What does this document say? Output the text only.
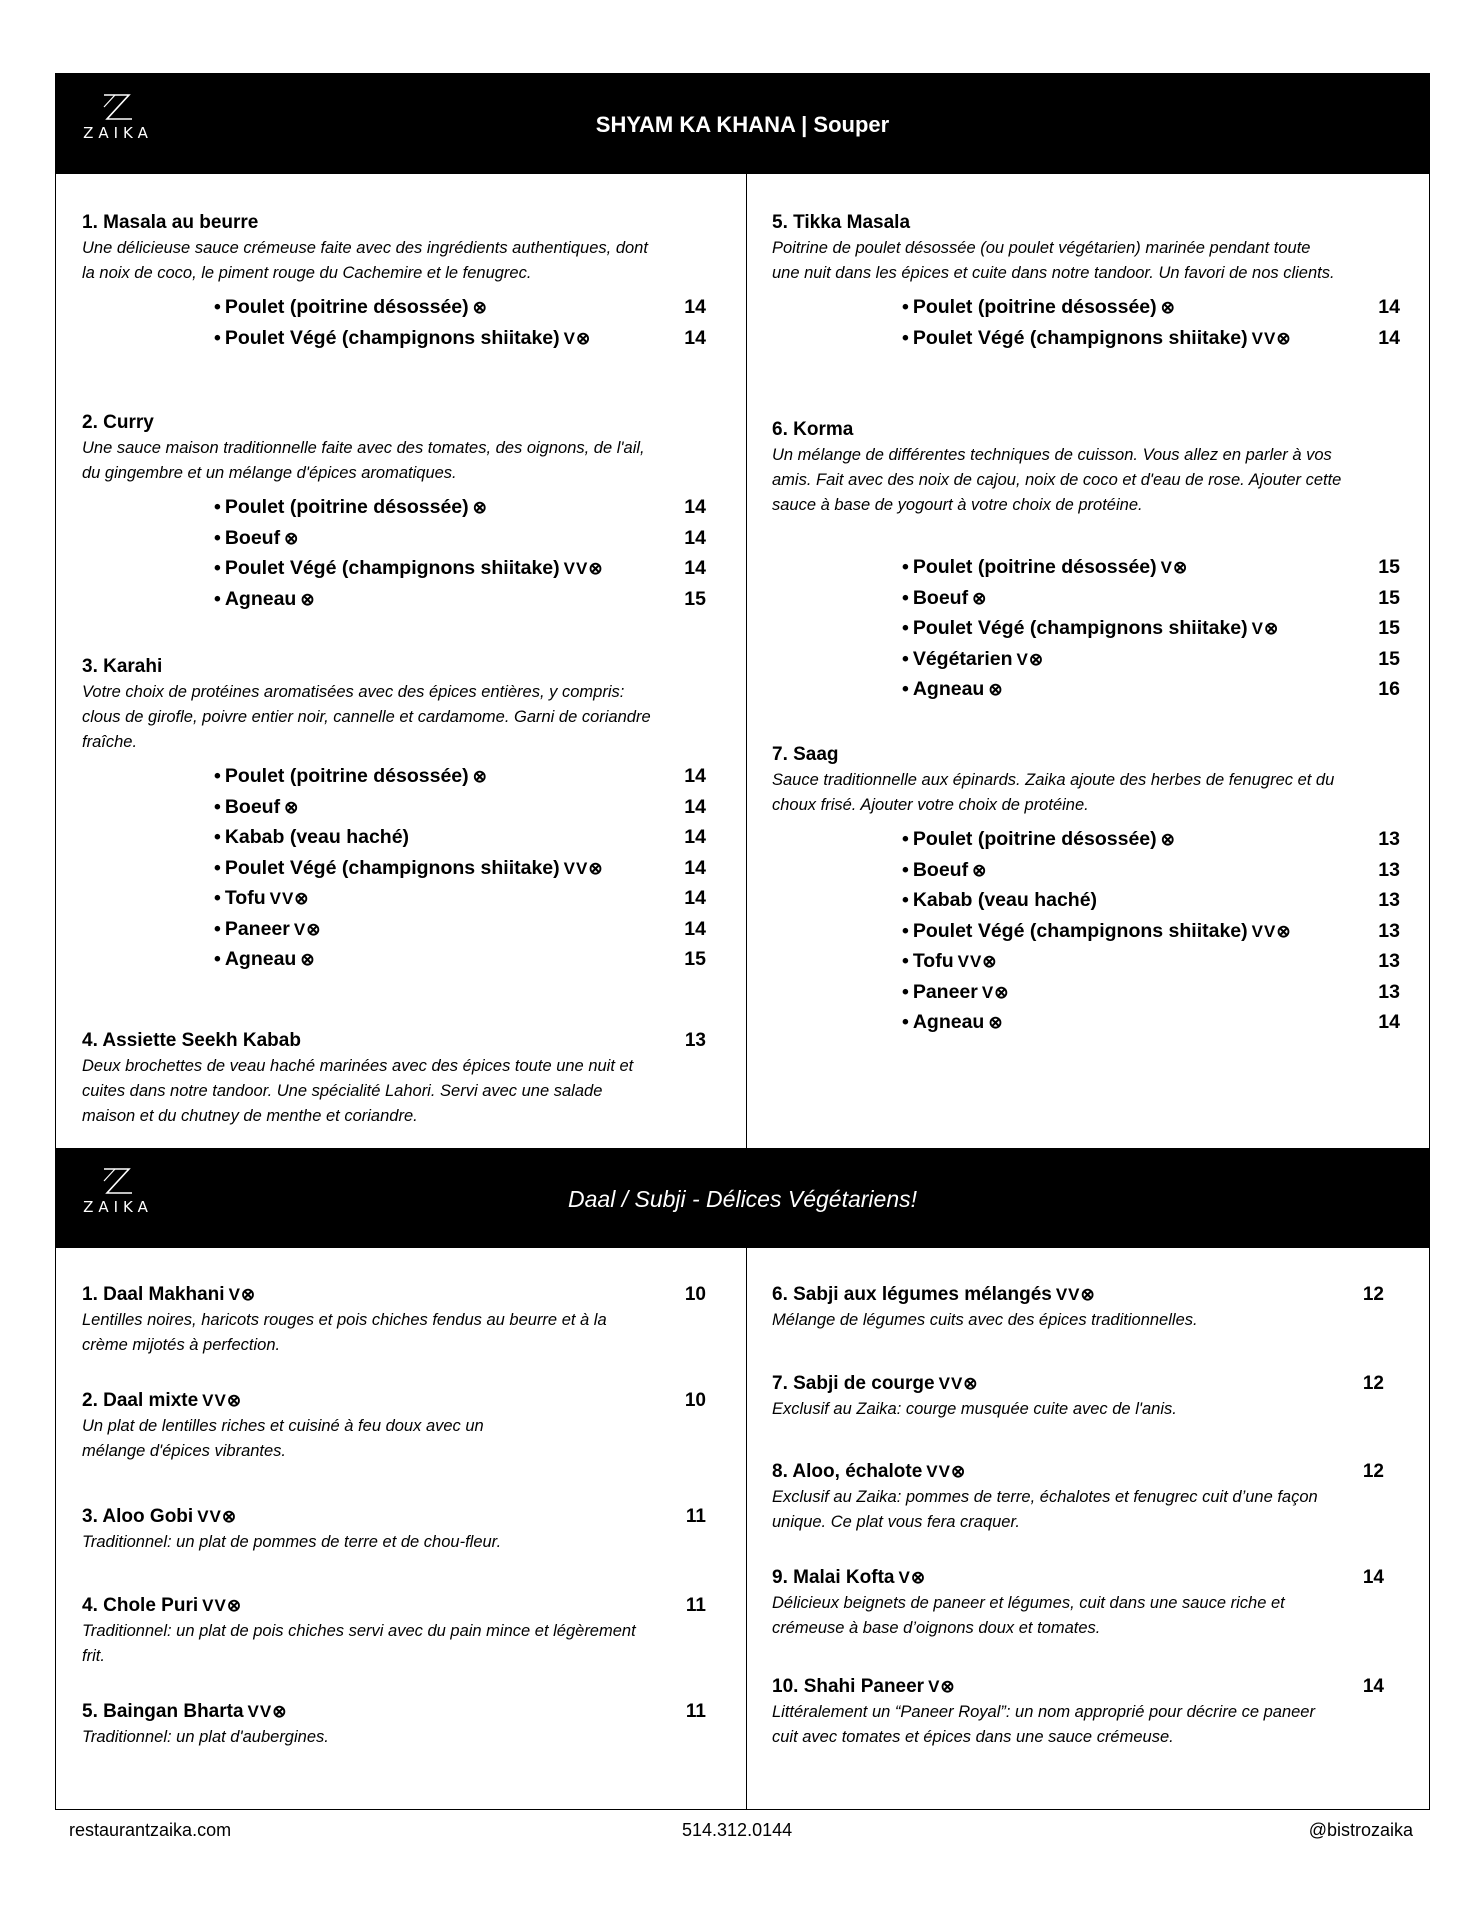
ZAIKA	SHYAM KA KHANA | Souper
1. Masala au beurre
Une délicieuse sauce crémeuse faite avec des ingrédients authentiques, dont la noix de coco, le piment rouge du Cachemire et le fenugrec.
• Poulet (poitrine désossée) ⊗	14
• Poulet Végé (champignons shiitake) V⊗	14
2. Curry
Une sauce maison traditionnelle faite avec des tomates, des oignons, de l'ail, du gingembre et un mélange d'épices aromatiques.
• Poulet (poitrine désossée) ⊗	14
• Boeuf ⊗	14
• Poulet Végé (champignons shiitake) VV⊗	14
• Agneau ⊗	15
3. Karahi
Votre choix de protéines aromatisées avec des épices entières, y compris: clous de girofle, poivre entier noir, cannelle et cardamome. Garni de coriandre fraîche.
• Poulet (poitrine désossée) ⊗	14
• Boeuf ⊗	14
• Kabab (veau haché)	14
• Poulet Végé (champignons shiitake) VV⊗	14
• Tofu VV⊗	14
• Paneer V⊗	14
• Agneau ⊗	15
4. Assiette Seekh Kabab	13
Deux brochettes de veau haché marinées avec des épices toute une nuit et cuites dans notre tandoor. Une spécialité Lahori. Servi avec une salade maison et du chutney de menthe et coriandre.
5. Tikka Masala
Poitrine de poulet désossée (ou poulet végétarien) marinée pendant toute une nuit dans les épices et cuite dans notre tandoor. Un favori de nos clients.
• Poulet (poitrine désossée) ⊗	14
• Poulet Végé (champignons shiitake) VV⊗	14
6. Korma
Un mélange de différentes techniques de cuisson. Vous allez en parler à vos amis. Fait avec des noix de cajou, noix de coco et d'eau de rose. Ajouter cette sauce à base de yogourt à votre choix de protéine.
• Poulet (poitrine désossée) V⊗	15
• Boeuf ⊗	15
• Poulet Végé (champignons shiitake) V⊗	15
• Végétarien V⊗	15
• Agneau ⊗	16
7. Saag
Sauce traditionnelle aux épinards. Zaika ajoute des herbes de fenugrec et du choux frisé. Ajouter votre choix de protéine.
• Poulet (poitrine désossée) ⊗	13
• Boeuf ⊗	13
• Kabab (veau haché)	13
• Poulet Végé (champignons shiitake) VV⊗	13
• Tofu VV⊗	13
• Paneer V⊗	13
• Agneau ⊗	14
ZAIKA	Daal / Subji - Délices Végétariens!
1. Daal Makhani V⊗	10
Lentilles noires, haricots rouges et pois chiches fendus au beurre et à la crème mijotés à perfection.
2. Daal mixte VV⊗	10
Un plat de lentilles riches et cuisiné à feu doux avec un mélange d'épices vibrantes.
3. Aloo Gobi VV⊗	11
Traditionnel: un plat de pommes de terre et de chou-fleur.
4. Chole Puri VV⊗	11
Traditionnel: un plat de pois chiches servi avec du pain mince et légèrement frit.
5. Baingan Bharta VV⊗	11
Traditionnel: un plat d'aubergines.
6. Sabji aux légumes mélangés VV⊗	12
Mélange de légumes cuits avec des épices traditionnelles.
7. Sabji de courge VV⊗	12
Exclusif au Zaika: courge musquée cuite avec de l'anis.
8. Aloo, échalote VV⊗	12
Exclusif au Zaika: pommes de terre, échalotes et fenugrec cuit d’une façon unique. Ce plat vous fera craquer.
9. Malai Kofta V⊗	14
Délicieux beignets de paneer et légumes, cuit dans une sauce riche et crémeuse à base d’oignons doux et tomates.
10. Shahi Paneer V⊗	14
Littéralement un “Paneer Royal”: un nom approprié pour décrire ce paneer cuit avec tomates et épices dans une sauce crémeuse.
restaurantzaika.com	514.312.0144	@bistrozaika
